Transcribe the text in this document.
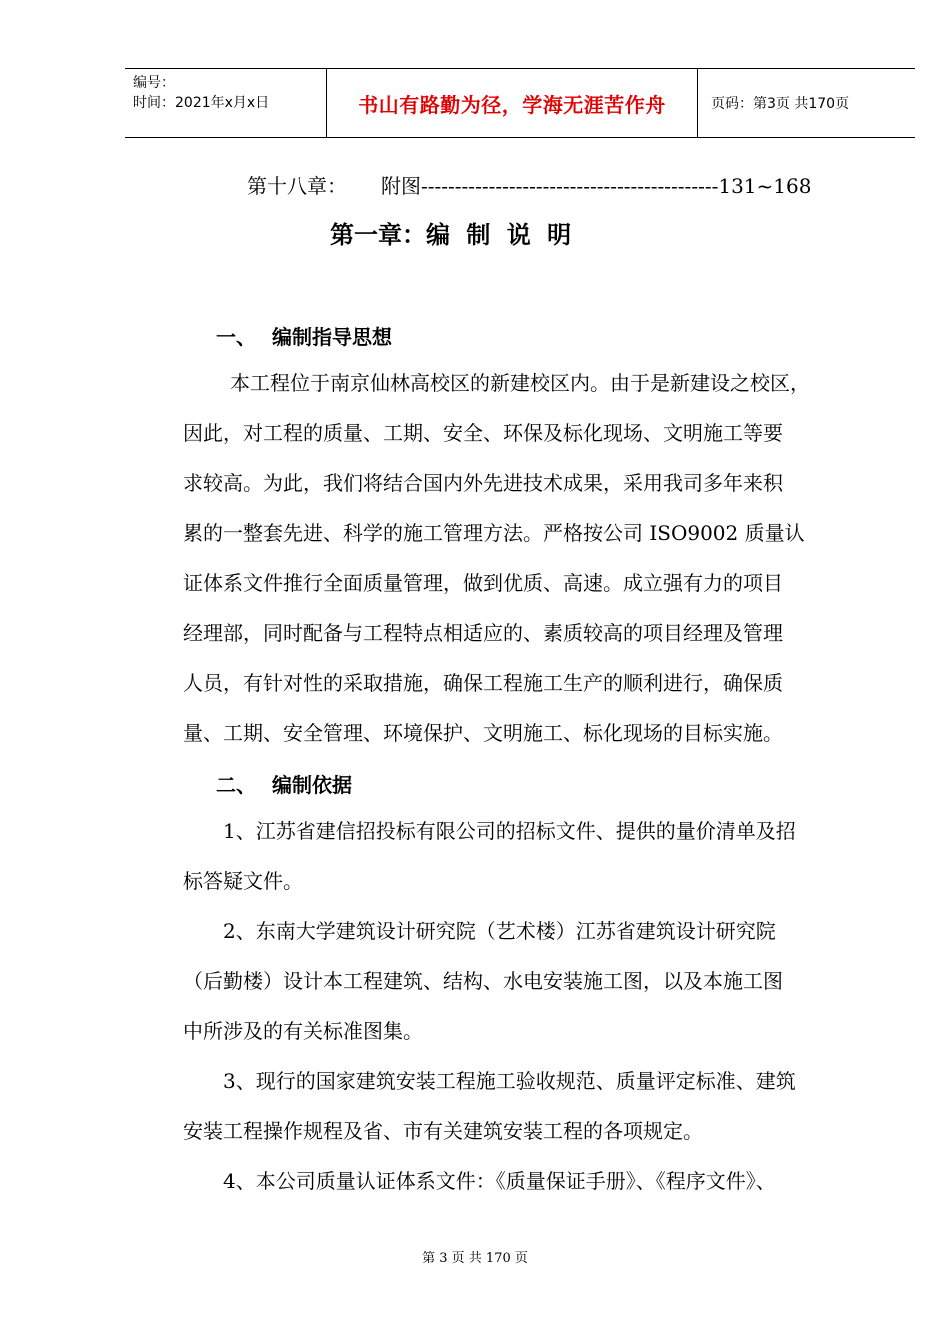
编号：
时间：2021年x月x日	书山有路勤为径，学海无涯苦作舟	页码：第3页 共170页
第十八章： 附图--------------------------------------------131~168
第一章：编 制 说 明
一、 编制指导思想
本工程位于南京仙林高校区的新建校区内。由于是新建设之校区，
因此，对工程的质量、工期、安全、环保及标化现场、文明施工等要
求较高。为此，我们将结合国内外先进技术成果，采用我司多年来积
累的一整套先进、科学的施工管理方法。严格按公司 ISO9002 质量认
证体系文件推行全面质量管理，做到优质、高速。成立强有力的项目
经理部，同时配备与工程特点相适应的、素质较高的项目经理及管理
人员，有针对性的采取措施，确保工程施工生产的顺利进行，确保质
量、工期、安全管理、环境保护、文明施工、标化现场的目标实施。
二、 编制依据
1、江苏省建信招投标有限公司的招标文件、提供的量价清单及招
标答疑文件。
2、东南大学建筑设计研究院（艺术楼）江苏省建筑设计研究院
（后勤楼）设计本工程建筑、结构、水电安装施工图，以及本施工图
中所涉及的有关标准图集。
3、现行的国家建筑安装工程施工验收规范、质量评定标准、建筑
安装工程操作规程及省、市有关建筑安装工程的各项规定。
4、本公司质量认证体系文件：《质量保证手册》、《程序文件》、
第 3 页 共 170 页
